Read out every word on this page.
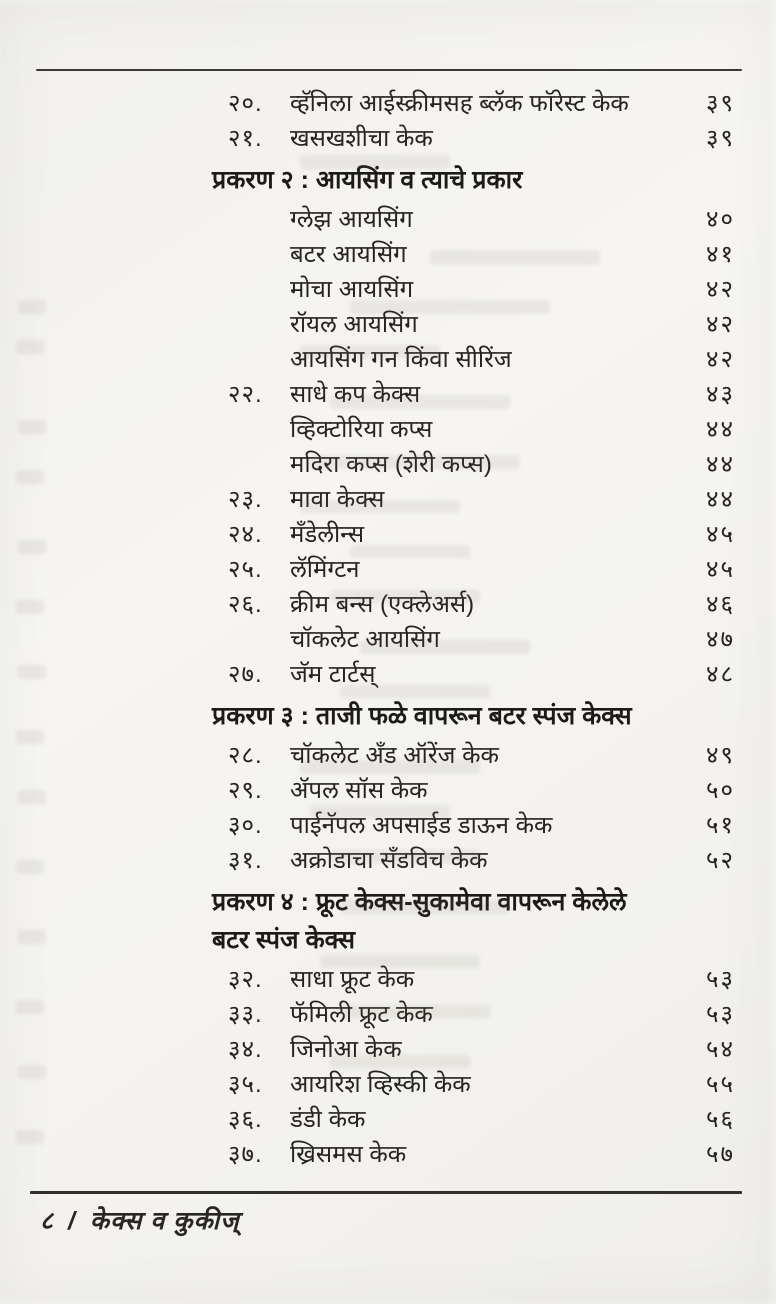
२०.	व्हॅनिला आईस्क्रीमसह ब्लॅक फॉरेस्ट केक	३९
२१.	खसखशीचा केक	३९
प्रकरण २ : आयसिंग व त्याचे प्रकार
ग्लेझ आयसिंग	४०
बटर आयसिंग	४१
मोचा आयसिंग	४२
रॉयल आयसिंग	४२
आयसिंग गन किंवा सीरिंज	४२
२२.	साधे कप केक्स	४३
व्हिक्टोरिया कप्स	४४
मदिरा कप्स (शेरी कप्स)	४४
२३.	मावा केक्स	४४
२४.	मँडेलीन्स	४५
२५.	लॅमिंग्टन	४५
२६.	क्रीम बन्स (एक्लेअर्स)	४६
चॉकलेट आयसिंग	४७
२७.	जॅम टार्टस्	४८
प्रकरण ३ : ताजी फळे वापरून बटर स्पंज केक्स
२८.	चॉकलेट अँड ऑरेंज केक	४९
२९.	ॲपल सॉस केक	५०
३०.	पाईनॅपल अपसाईड डाऊन केक	५१
३१.	अक्रोडाचा सँडविच केक	५२
प्रकरण ४ : फ्रूट केक्स-सुकामेवा वापरून केलेले
बटर स्पंज केक्स
३२.	साधा फ्रूट केक	५३
३३.	फॅमिली फ्रूट केक	५३
३४.	जिनोआ केक	५४
३५.	आयरिश व्हिस्की केक	५५
३६.	डंडी केक	५६
३७.	ख्रिसमस केक	५७
८ / केक्स व कुकीज्
